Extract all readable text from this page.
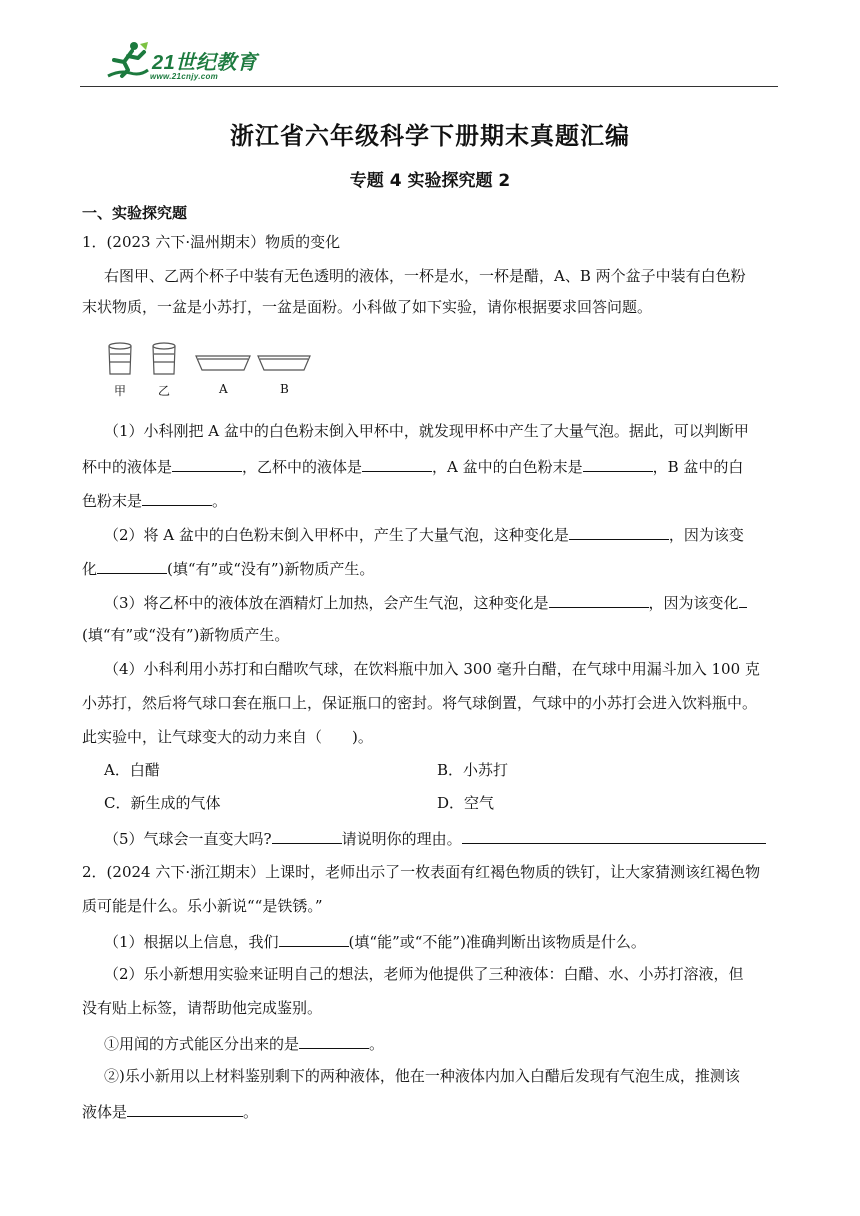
21世纪教育
www.21cnjy.com
浙江省六年级科学下册期末真题汇编
专题 4 实验探究题 2
一、实验探究题
1．(2023 六下·温州期末）物质的变化
右图甲、乙两个杯子中装有无色透明的液体，一杯是水，一杯是醋，A、B 两个盆子中装有白色粉
末状物质，一盆是小苏打，一盆是面粉。小科做了如下实验，请你根据要求回答问题。
甲	乙	A	B
（1）小科刚把 A 盆中的白色粉末倒入甲杯中，就发现甲杯中产生了大量气泡。据此，可以判断甲
杯中的液体是	，乙杯中的液体是	，A 盆中的白色粉末是	，B 盆中的白
色粉末是	。
（2）将 A 盆中的白色粉末倒入甲杯中，产生了大量气泡，这种变化是	，因为该变
化	(填“有”或“没有”)新物质产生。
（3）将乙杯中的液体放在酒精灯上加热，会产生气泡，这种变化是	，因为该变化
(填“有”或“没有”)新物质产生。
（4）小科利用小苏打和白醋吹气球，在饮料瓶中加入 300 毫升白醋，在气球中用漏斗加入 100 克
小苏打，然后将气球口套在瓶口上，保证瓶口的密封。将气球倒置，气球中的小苏打会进入饮料瓶中。
此实验中，让气球变大的动力来自（　　)。
A．白醋	B．小苏打
C．新生成的气体	D．空气
（5）气球会一直变大吗?	请说明你的理由。
2．(2024 六下·浙江期末）上课时，老师出示了一枚表面有红褐色物质的铁钉，让大家猜测该红褐色物
质可能是什么。乐小新说““是铁锈。”
（1）根据以上信息，我们	(填“能”或“不能”)准确判断出该物质是什么。
（2）乐小新想用实验来证明自己的想法，老师为他提供了三种液体：白醋、水、小苏打溶液，但
没有贴上标签，请帮助他完成鉴别。
①用闻的方式能区分出来的是	。
②)乐小新用以上材料鉴别剩下的两种液体，他在一种液体内加入白醋后发现有气泡生成，推测该
液体是	。
